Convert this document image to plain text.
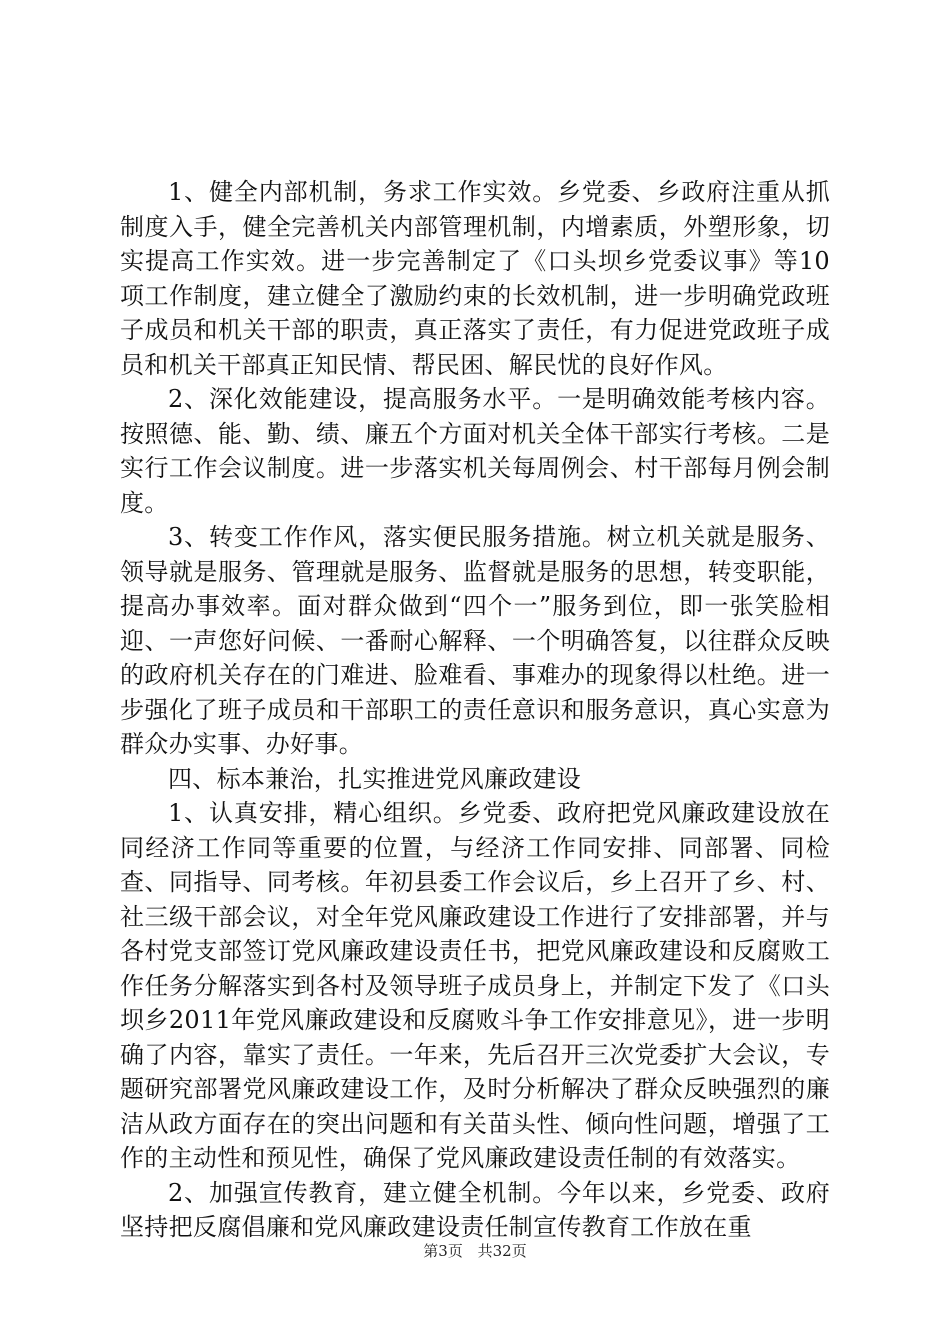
1、健全内部机制，务求工作实效。乡党委、乡政府注重从抓制度入手，健全完善机关内部管理机制，内增素质，外塑形象，切实提高工作实效。进一步完善制定了《口头坝乡党委议事》等10项工作制度，建立健全了激励约束的长效机制，进一步明确党政班子成员和机关干部的职责，真正落实了责任，有力促进党政班子成员和机关干部真正知民情、帮民困、解民忧的良好作风。

2、深化效能建设，提高服务水平。一是明确效能考核内容。按照德、能、勤、绩、廉五个方面对机关全体干部实行考核。二是实行工作会议制度。进一步落实机关每周例会、村干部每月例会制度。

3、转变工作作风，落实便民服务措施。树立机关就是服务、领导就是服务、管理就是服务、监督就是服务的思想，转变职能，提高办事效率。面对群众做到“四个一”服务到位，即一张笑脸相迎、一声您好问候、一番耐心解释、一个明确答复，以往群众反映的政府机关存在的门难进、脸难看、事难办的现象得以杜绝。进一步强化了班子成员和干部职工的责任意识和服务意识，真心实意为群众办实事、办好事。

四、标本兼治，扎实推进党风廉政建设

1、认真安排，精心组织。乡党委、政府把党风廉政建设放在同经济工作同等重要的位置，与经济工作同安排、同部署、同检查、同指导、同考核。年初县委工作会议后，乡上召开了乡、村、社三级干部会议，对全年党风廉政建设工作进行了安排部署，并与各村党支部签订党风廉政建设责任书，把党风廉政建设和反腐败工作任务分解落实到各村及领导班子成员身上，并制定下发了《口头坝乡2011年党风廉政建设和反腐败斗争工作安排意见》，进一步明确了内容，靠实了责任。一年来，先后召开三次党委扩大会议，专题研究部署党风廉政建设工作，及时分析解决了群众反映强烈的廉洁从政方面存在的突出问题和有关苗头性、倾向性问题，增强了工作的主动性和预见性，确保了党风廉政建设责任制的有效落实。

2、加强宣传教育，建立健全机制。今年以来，乡党委、政府坚持把反腐倡廉和党风廉政建设责任制宣传教育工作放在重

第3页 共32页
